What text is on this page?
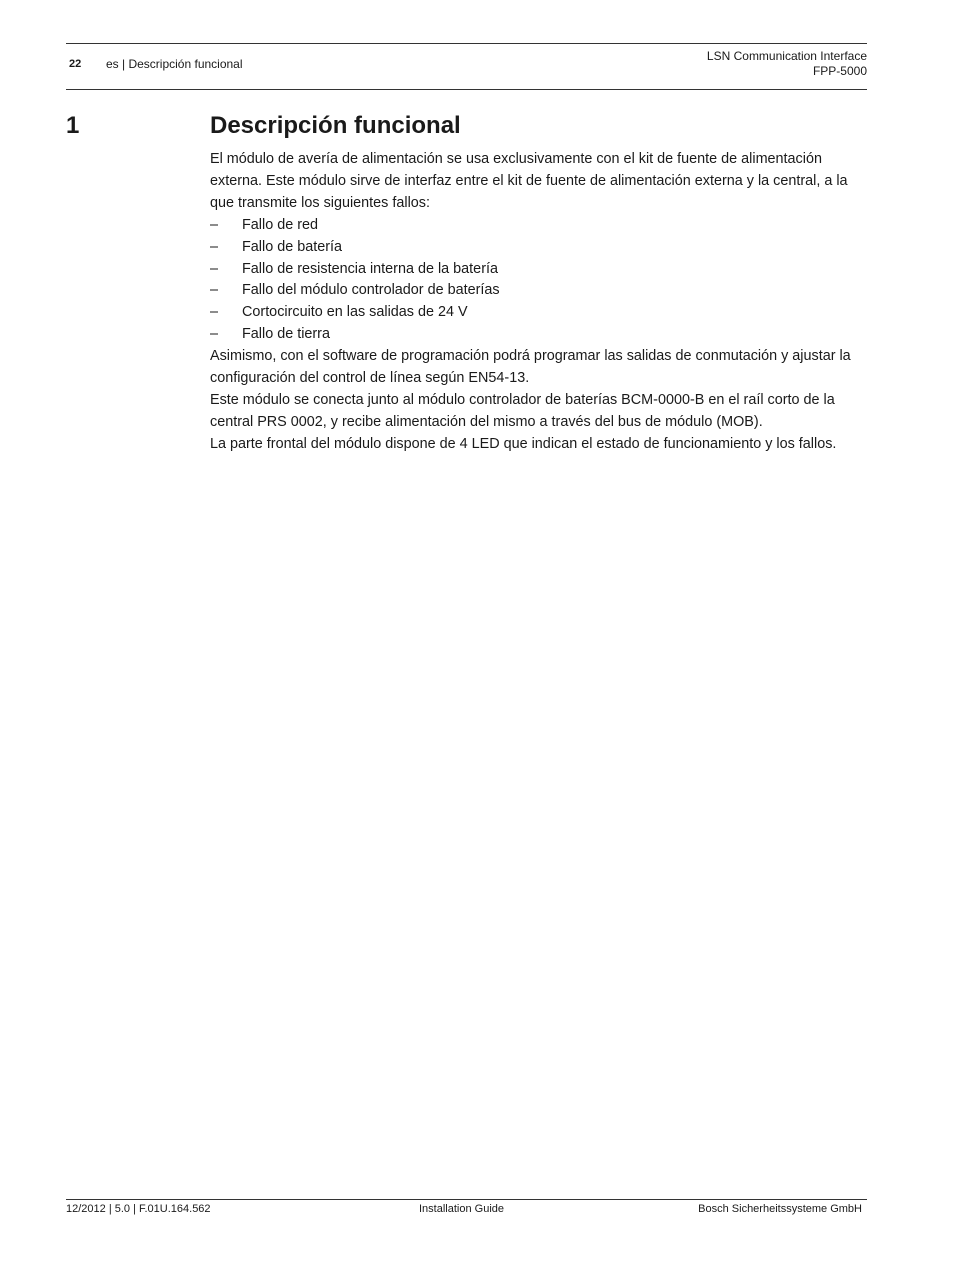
22 es | Descripción funcional
LSN Communication Interface
FPP-5000
1	Descripción funcional

El módulo de avería de alimentación se usa exclusivamente con el kit de fuente de alimentación externa. Este módulo sirve de interfaz entre el kit de fuente de alimentación externa y la central, a la que transmite los siguientes fallos:

– Fallo de red
– Fallo de batería
– Fallo de resistencia interna de la batería
– Fallo del módulo controlador de baterías
– Cortocircuito en las salidas de 24 V
– Fallo de tierra

Asimismo, con el software de programación podrá programar las salidas de conmutación y ajustar la configuración del control de línea según EN54-13.

Este módulo se conecta junto al módulo controlador de baterías BCM-0000-B en el raíl corto de la central PRS 0002, y recibe alimentación del mismo a través del bus de módulo (MOB).

La parte frontal del módulo dispone de 4 LED que indican el estado de funcionamiento y los fallos.

12/2012 | 5.0 | F.01U.164.562	Installation Guide	Bosch Sicherheitssysteme GmbH
